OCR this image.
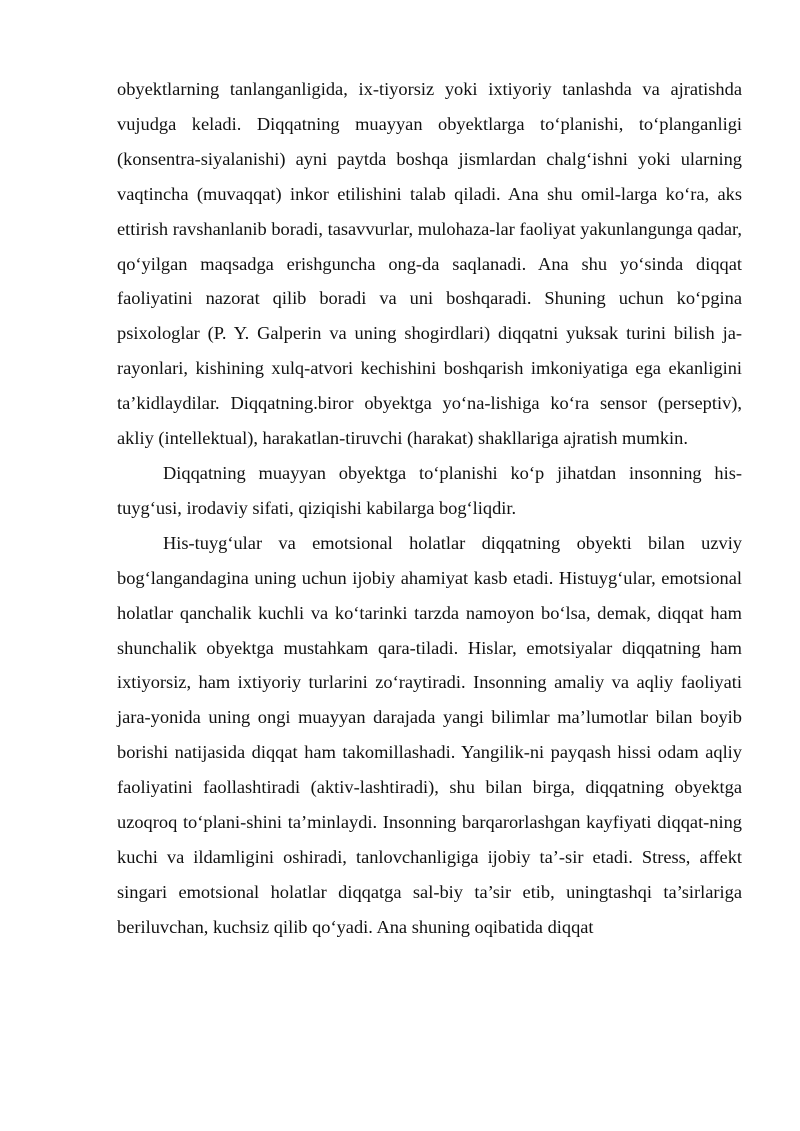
obyektlarning tanlanganligida, ix-tiyorsiz yoki ixtiyoriy tanlashda va ajratishda vujudga keladi. Diqqatning muayyan obyektlarga to‘planishi, to‘planganligi (konsentra-siyalanishi) ayni paytda boshqa jismlardan chalg‘ishni yoki ularning vaqtincha (muvaqqat) inkor etilishini talab qiladi. Ana shu omil-larga ko‘ra, aks ettirish ravshanlanib boradi, tasavvurlar, mulohaza-lar faoliyat yakunlangunga qadar, qo‘yilgan maqsadga erishguncha ong-da saqlanadi. Ana shu yo‘sinda diqqat faoliyatini nazorat qilib boradi va uni boshqaradi. Shuning uchun ko‘pgina psixologlar (P. Y. Galperin va uning shogirdlari) diqqatni yuksak turini bilish ja-rayonlari, kishining xulq-atvori kechishini boshqarish imkoniyatiga ega ekanligini ta’kidlaydilar. Diqqatning.biror obyektga yo‘na-lishiga ko‘ra sensor (perseptiv), akliy (intellektual), harakatlan-tiruvchi (harakat) shakllariga ajratish mumkin.

Diqqatning muayyan obyektga to‘planishi ko‘p jihatdan insonning his-tuyg‘usi, irodaviy sifati, qiziqishi kabilarga bog‘liqdir.

His-tuyg‘ular va emotsional holatlar diqqatning obyekti bilan uzviy bog‘langandagina uning uchun ijobiy ahamiyat kasb etadi. Histuyg‘ular, emotsional holatlar qanchalik kuchli va ko‘tarinki tarzda namoyon bo‘lsa, demak, diqqat ham shunchalik obyektga mustahkam qara-tiladi. Hislar, emotsiyalar diqqatning ham ixtiyorsiz, ham ixtiyoriy turlarini zo‘raytiradi. Insonning amaliy va aqliy faoliyati jara-yonida uning ongi muayyan darajada yangi bilimlar ma’lumotlar bilan boyib borishi natijasida diqqat ham takomillashadi. Yangilik-ni payqash hissi odam aqliy faoliyatini faollashtiradi (aktiv-lashtiradi), shu bilan birga, diqqatning obyektga uzoqroq to‘plani-shini ta’minlaydi. Insonning barqarorlashgan kayfiyati diqqat-ning kuchi va ildamligini oshiradi, tanlovchanligiga ijobiy ta’-sir etadi. Stress, affekt singari emotsional holatlar diqqatga sal-biy ta’sir etib, uningtashqi ta’sirlariga beriluvchan, kuchsiz qilib qo‘yadi. Ana shuning oqibatida diqqat
